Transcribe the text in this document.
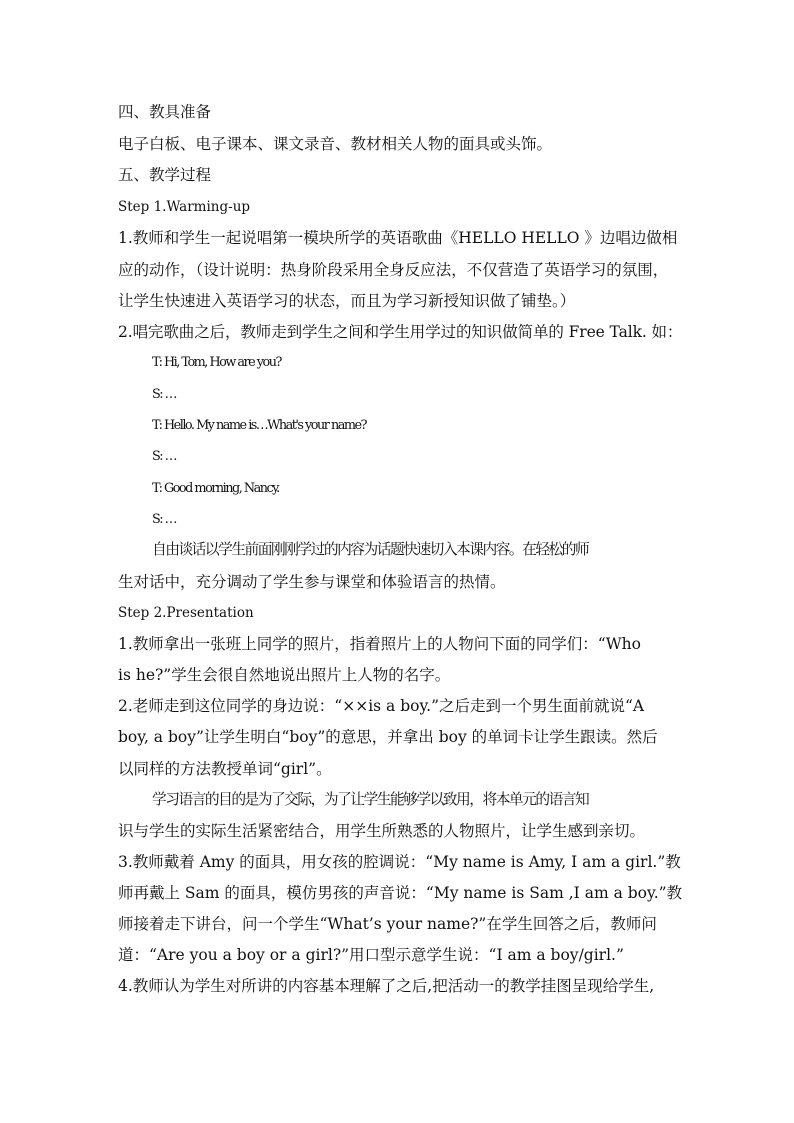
四、教具准备
电子白板、电子课本、课文录音、教材相关人物的面具或头饰。
五、教学过程
Step 1.Warming-up
1.教师和学生一起说唱第一模块所学的英语歌曲《HELLO HELLO 》边唱边做相
应的动作，（设计说明：热身阶段采用全身反应法，不仅营造了英语学习的氛围，
让学生快速进入英语学习的状态，而且为学习新授知识做了铺垫。）
2.唱完歌曲之后，教师走到学生之间和学生用学过的知识做简单的 Free Talk. 如：
T: Hi, Tom, How are you?
S: …
T: Hello. My name is…What's your name?
S: …
T: Good morning, Nancy.
S: …
自由谈话以学生前面刚刚学过的内容为话题快速切入本课内容。在轻松的师
生对话中，充分调动了学生参与课堂和体验语言的热情。
Step 2.Presentation
1.教师拿出一张班上同学的照片，指着照片上的人物问下面的同学们：“Who
is he?”学生会很自然地说出照片上人物的名字。
2.老师走到这位同学的身边说：“××is a boy.”之后走到一个男生面前就说“A
boy, a boy”让学生明白“boy”的意思，并拿出 boy 的单词卡让学生跟读。然后
以同样的方法教授单词“girl”。
学习语言的目的是为了交际，为了让学生能够学以致用，将本单元的语言知
识与学生的实际生活紧密结合，用学生所熟悉的人物照片，让学生感到亲切。
3.教师戴着 Amy 的面具，用女孩的腔调说：“My name is Amy, I am a girl.”教
师再戴上 Sam 的面具，模仿男孩的声音说：“My name is Sam ,I am a boy.”教
师接着走下讲台，问一个学生“What’s your name?”在学生回答之后，教师问
道：“Are you a boy or a girl?”用口型示意学生说：“I am a boy/girl.”
4.教师认为学生对所讲的内容基本理解了之后,把活动一的教学挂图呈现给学生,
